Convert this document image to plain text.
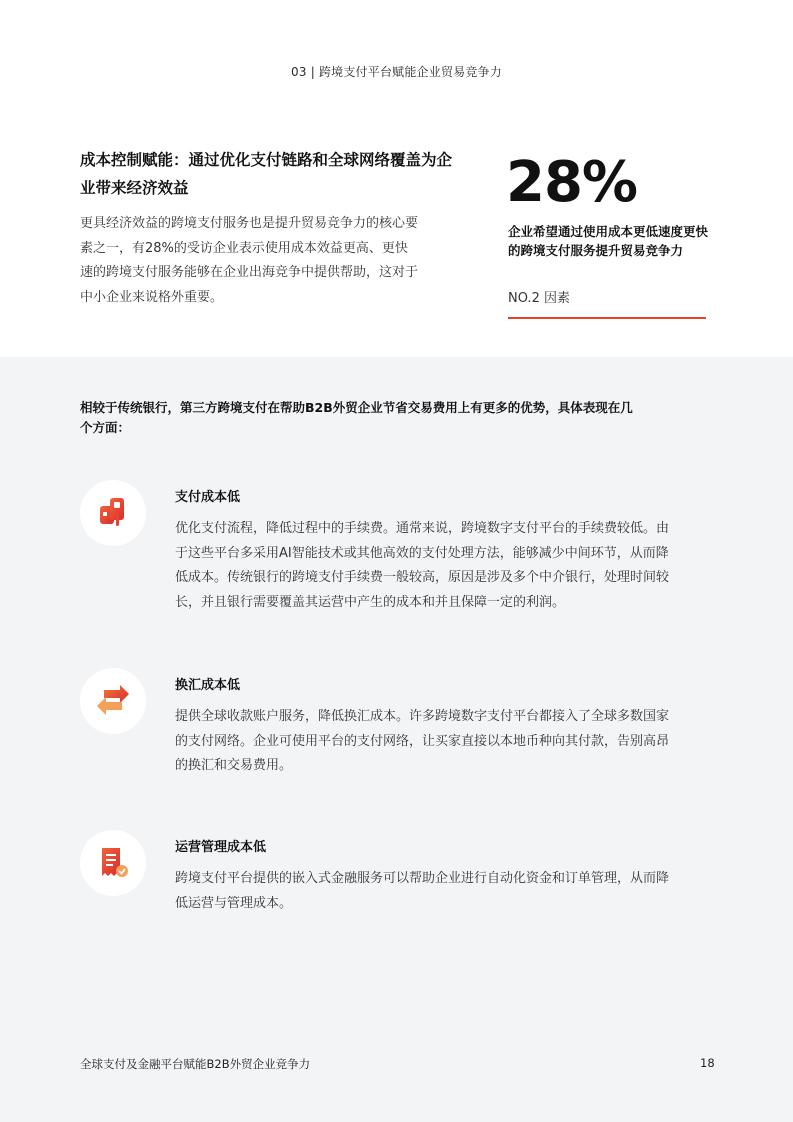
03 | 跨境支付平台赋能企业贸易竞争力
成本控制赋能：通过优化支付链路和全球网络覆盖为企业带来经济效益
更具经济效益的跨境支付服务也是提升贸易竞争力的核心要素之一，有28%的受访企业表示使用成本效益更高、更快速的跨境支付服务能够在企业出海竞争中提供帮助，这对于中小企业来说格外重要。
28%
企业希望通过使用成本更低速度更快的跨境支付服务提升贸易竞争力
NO.2 因素
相较于传统银行，第三方跨境支付在帮助B2B外贸企业节省交易费用上有更多的优势，具体表现在几个方面：
支付成本低
优化支付流程，降低过程中的手续费。通常来说，跨境数字支付平台的手续费较低。由于这些平台多采用AI智能技术或其他高效的支付处理方法，能够减少中间环节，从而降低成本。传统银行的跨境支付手续费一般较高，原因是涉及多个中介银行，处理时间较长，并且银行需要覆盖其运营中产生的成本和并且保障一定的利润。
换汇成本低
提供全球收款账户服务，降低换汇成本。许多跨境数字支付平台都接入了全球多数国家的支付网络。企业可使用平台的支付网络，让买家直接以本地币种向其付款，告别高昂的换汇和交易费用。
运营管理成本低
跨境支付平台提供的嵌入式金融服务可以帮助企业进行自动化资金和订单管理，从而降低运营与管理成本。
全球支付及金融平台赋能B2B外贸企业竞争力	18
